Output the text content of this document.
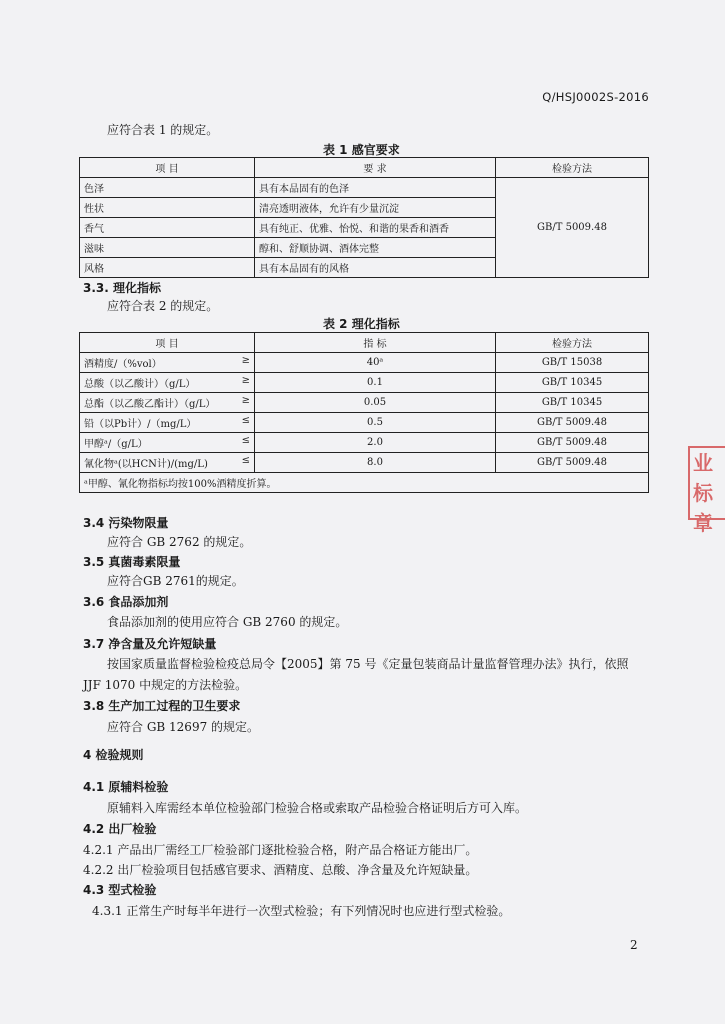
Q/HSJ0002S-2016
应符合表 1 的规定。
表 1 感官要求
项 目	要 求	检验方法
色泽	具有本品固有的色泽	GB/T 5009.48
性状	清亮透明液体，允许有少量沉淀	
香气	具有纯正、优雅、怡悦、和谐的果香和酒香	
滋味	醇和、舒顺协调、酒体完整	
风格	具有本品固有的风格	
3.3. 理化指标
应符合表 2 的规定。
表 2 理化指标
项 目	指 标	检验方法
酒精度/（%vol） ≥	40ᵃ	GB/T 15038
总酸（以乙酸计）（g/L） ≥	0.1	GB/T 10345
总酯（以乙酸乙酯计）（g/L） ≥	0.05	GB/T 10345
铅（以Pb计）/（mg/L） ≤	0.5	GB/T 5009.48
甲醇ᵃ/（g/L） ≤	2.0	GB/T 5009.48
氰化物ᵃ(以HCN计)/(mg/L) ≤	8.0	GB/T 5009.48
ᵃ甲醇、氰化物指标均按100%酒精度折算。		
3.4 污染物限量
应符合 GB 2762 的规定。
3.5 真菌毒素限量
应符合GB 2761的规定。
3.6 食品添加剂
食品添加剂的使用应符合 GB 2760 的规定。
3.7 净含量及允许短缺量
按国家质量监督检验检疫总局令【2005】第 75 号《定量包装商品计量监督管理办法》执行，依照
JJF 1070 中规定的方法检验。
3.8 生产加工过程的卫生要求
应符合 GB 12697 的规定。
4 检验规则
4.1 原辅料检验
原辅料入库需经本单位检验部门检验合格或索取产品检验合格证明后方可入库。
4.2 出厂检验
4.2.1 产品出厂需经工厂检验部门逐批检验合格，附产品合格证方能出厂。
4.2.2 出厂检验项目包括感官要求、酒精度、总酸、净含量及允许短缺量。
4.3 型式检验
4.3.1 正常生产时每半年进行一次型式检验；有下列情况时也应进行型式检验。
2
业标 章
